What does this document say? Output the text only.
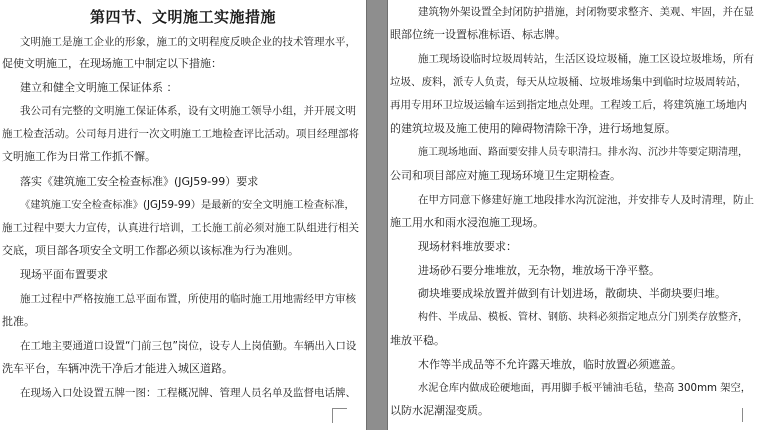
第四节、文明施工实施措施
文明施工是施工企业的形象，施工的文明程度反映企业的技术管理水平，
促使文明施工，在现场施工中制定以下措施：
建立和健全文明施工保证体系 ：
我公司有完整的文明施工保证体系，设有文明施工领导小组，并开展文明
施工检查活动。公司每月进行一次文明施工工地检查评比活动。项目经理部将
文明施工作为日常工作抓不懈。
落实《建筑施工安全检查标准》(JGJ59-99）要求
《建筑施工安全检查标准》(JGJ59-99）是最新的安全文明施工检查标准，
施工过程中要大力宣传，认真进行培训，工长施工前必须对施工队组进行相关
交底，项目部各项安全文明工作都必须以该标准为行为准则。
现场平面布置要求
施工过程中严格按施工总平面布置，所使用的临时施工用地需经甲方审核
批准。
在工地主要通道口设置“门前三包”岗位，设专人上岗值勤。车辆出入口设
洗车平台，车辆冲洗干净后才能进入城区道路。
在现场入口处设置五牌一图：工程概况牌、管理人员名单及监督电话牌、
建筑物外架设置全封闭防护措施，封闭物要求整齐、美观、牢固，并在显
眼部位统一设置标准标语、标志牌。
施工现场设临时垃圾周转站，生活区设垃圾桶，施工区设垃圾堆场，所有
垃圾、废料，派专人负责，每天从垃圾桶、垃圾堆场集中到临时垃圾周转站，
再用专用环卫垃圾运输车运到指定地点处理。工程竣工后，将建筑施工场地内
的建筑垃圾及施工使用的障碍物清除干净，进行场地复原。
施工现场地面、路面要安排人员专职清扫。排水沟、沉沙井等要定期清理，
公司和项目部应对施工现场环境卫生定期检查。
在甲方同意下修建好施工地段排水沟沉淀池，并安排专人及时清理，防止
施工用水和雨水浸泡施工现场。
现场材料堆放要求：
进场砂石要分堆堆放，无杂物，堆放场干净平整。
砌块堆要成垛放置并做到有计划进场，散砌块、半砌块要归堆。
构件、半成品、模板、管材、钢筋、块料必须指定地点分门别类存放整齐，
堆放平稳。
木作等半成品等不允许露天堆放，临时放置必须遮盖。
水泥仓库内做成砼硬地面，再用脚手板平铺油毛毡，垫高 300mm 架空，
以防水泥潮湿变质。
